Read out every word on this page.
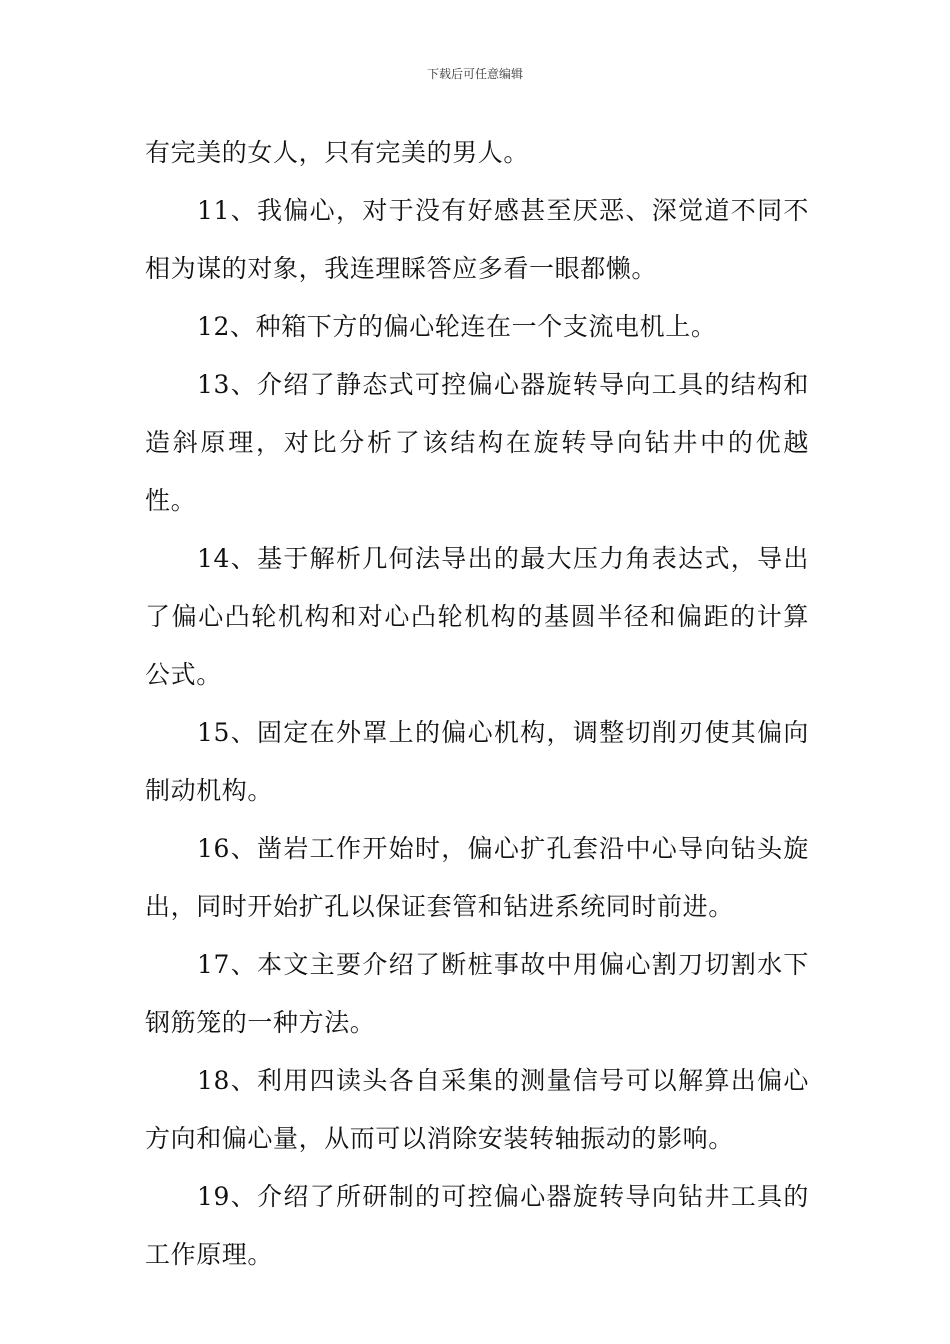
下载后可任意编辑

有完美的女人，只有完美的男人。

11、我偏心，对于没有好感甚至厌恶、深觉道不同不相为谋的对象，我连理睬答应多看一眼都懒。

12、种箱下方的偏心轮连在一个支流电机上。

13、介绍了静态式可控偏心器旋转导向工具的结构和造斜原理，对比分析了该结构在旋转导向钻井中的优越性。

14、基于解析几何法导出的最大压力角表达式，导出了偏心凸轮机构和对心凸轮机构的基圆半径和偏距的计算公式。

15、固定在外罩上的偏心机构，调整切削刃使其偏向制动机构。

16、凿岩工作开始时，偏心扩孔套沿中心导向钻头旋出，同时开始扩孔以保证套管和钻进系统同时前进。

17、本文主要介绍了断桩事故中用偏心割刀切割水下钢筋笼的一种方法。

18、利用四读头各自采集的测量信号可以解算出偏心方向和偏心量，从而可以消除安装转轴振动的影响。

19、介绍了所研制的可控偏心器旋转导向钻井工具的工作原理。
